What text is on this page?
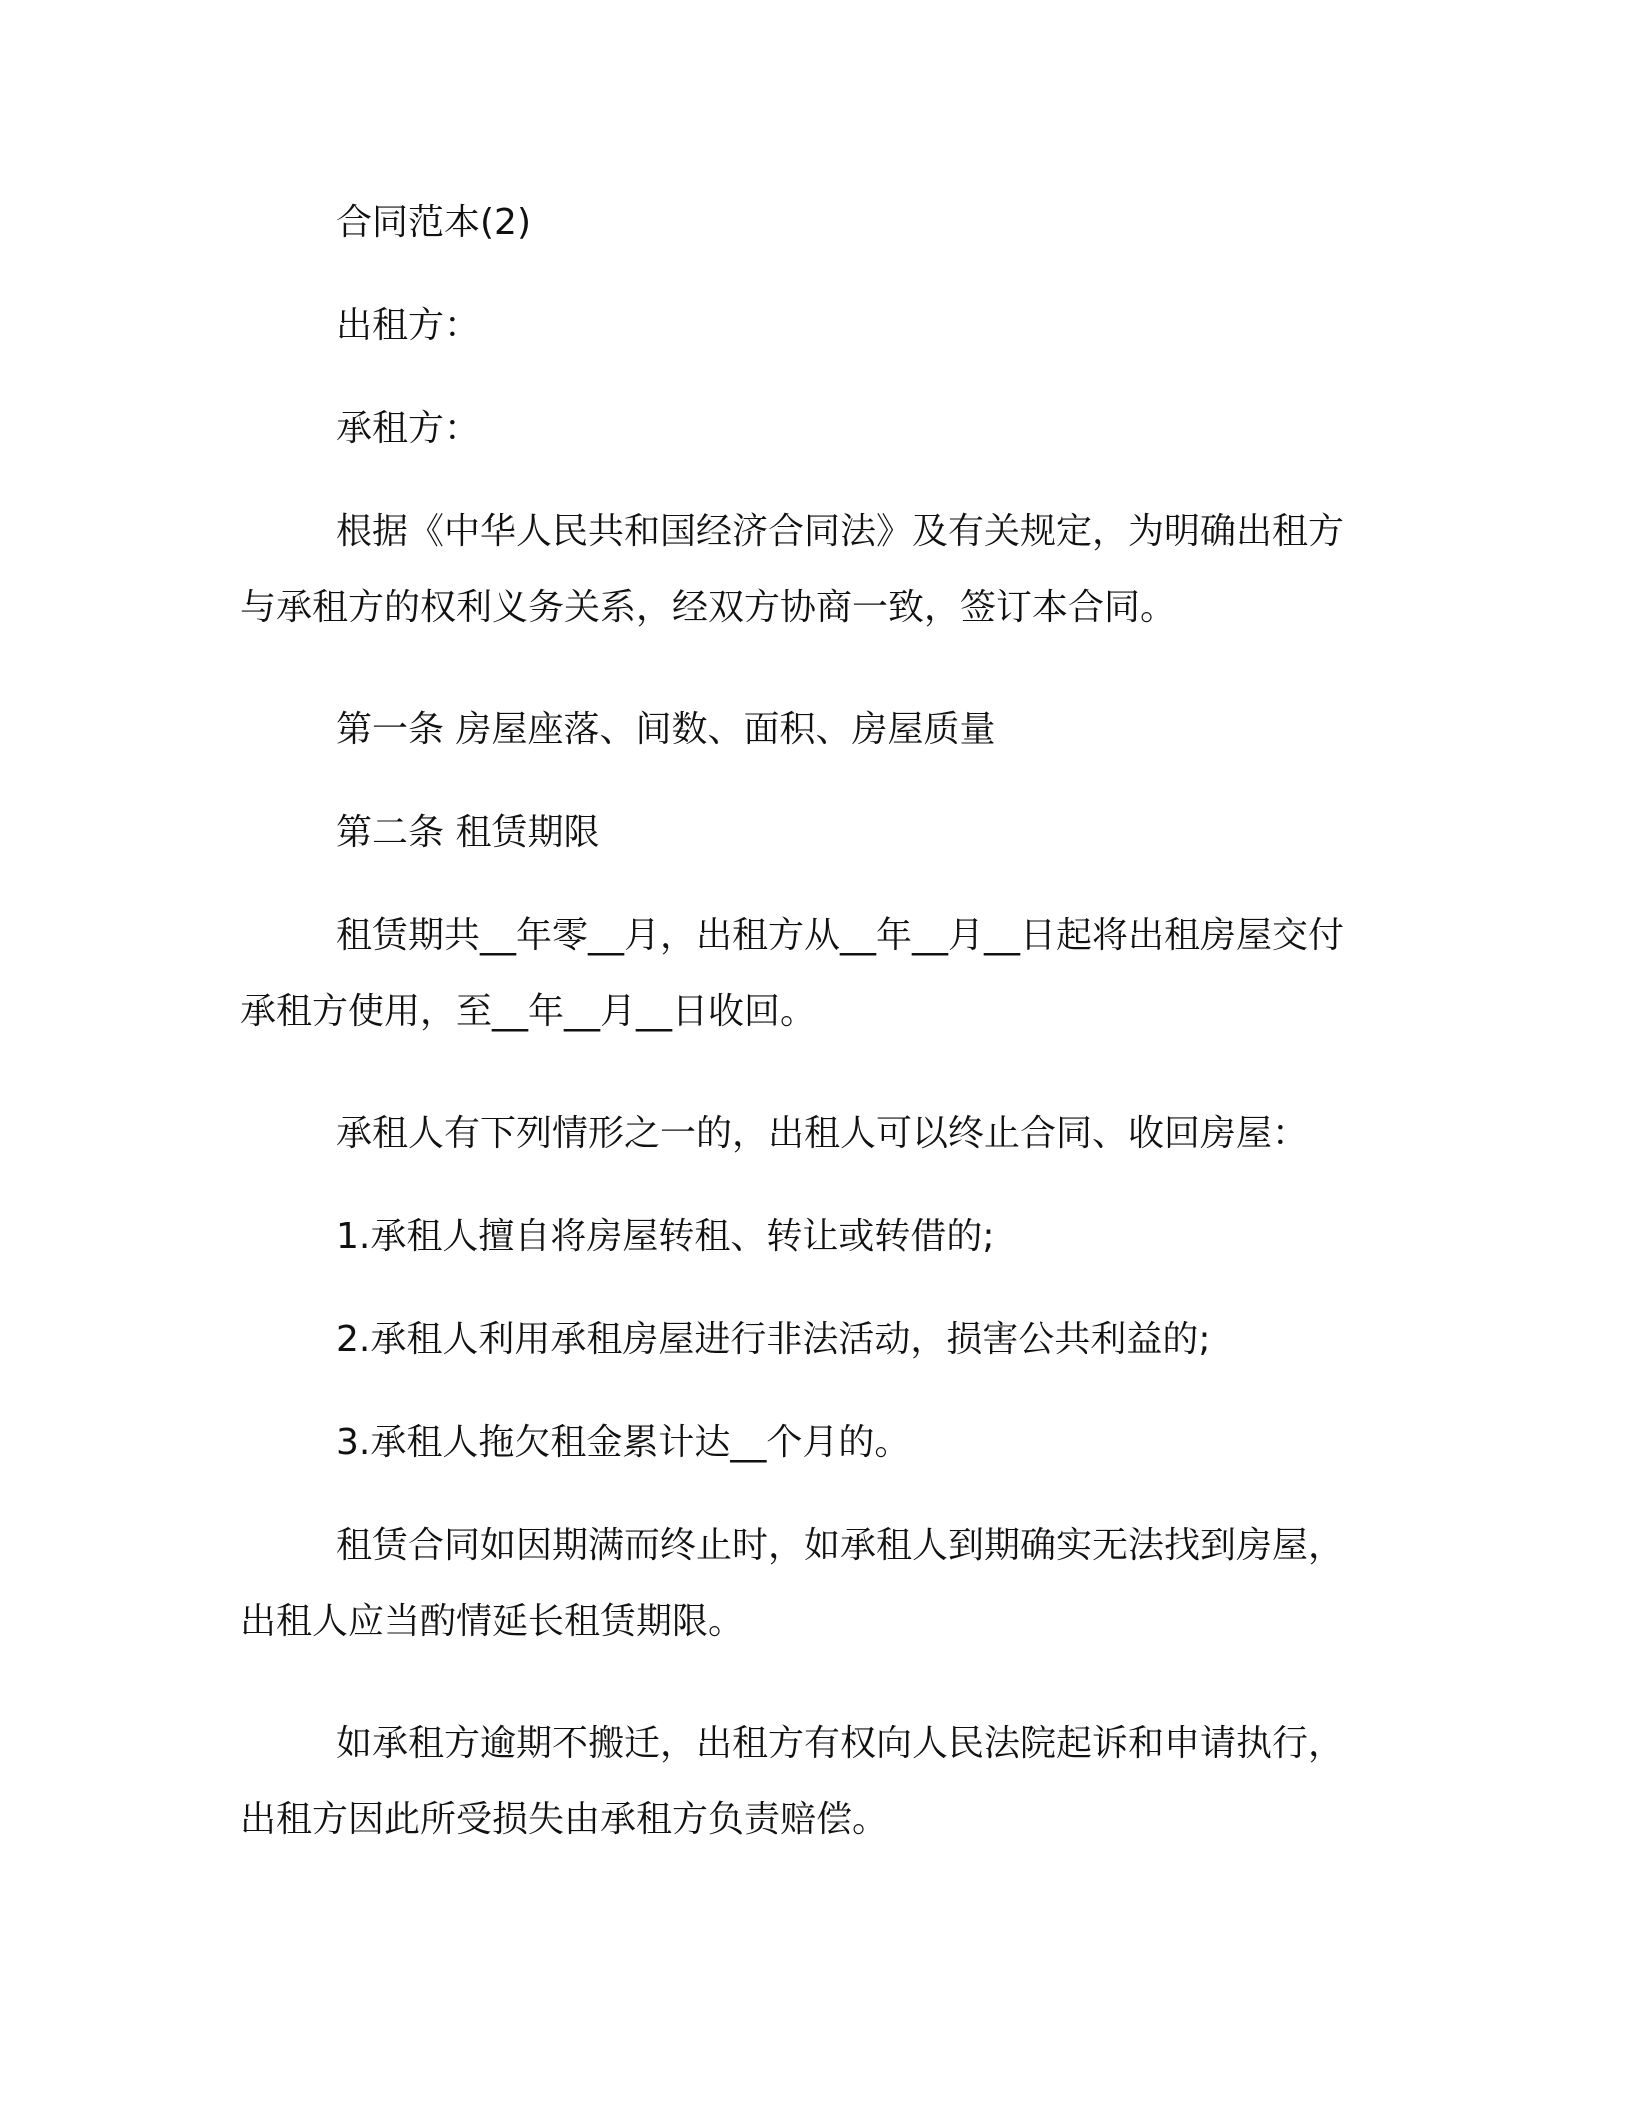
合同范本(2)

出租方：

承租方：

根据《中华人民共和国经济合同法》及有关规定，为明确出租方与承租方的权利义务关系，经双方协商一致，签订本合同。

第一条 房屋座落、间数、面积、房屋质量

第二条 租赁期限

租赁期共__年零__月，出租方从__年__月__日起将出租房屋交付承租方使用，至__年__月__日收回。

承租人有下列情形之一的，出租人可以终止合同、收回房屋：

1.承租人擅自将房屋转租、转让或转借的;

2.承租人利用承租房屋进行非法活动，损害公共利益的;

3.承租人拖欠租金累计达__个月的。

租赁合同如因期满而终止时，如承租人到期确实无法找到房屋，出租人应当酌情延长租赁期限。

如承租方逾期不搬迁，出租方有权向人民法院起诉和申请执行，出租方因此所受损失由承租方负责赔偿。
